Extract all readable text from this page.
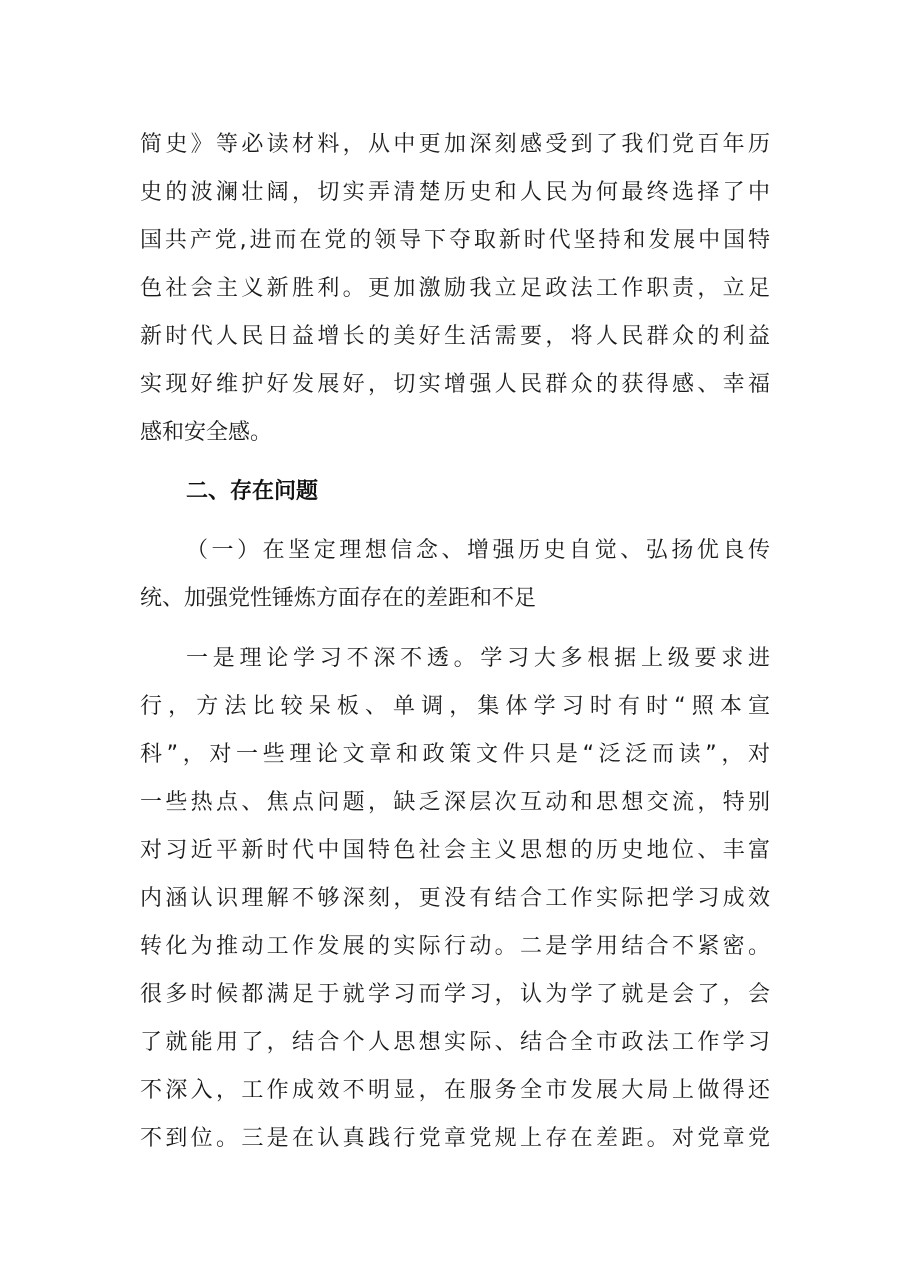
简史》等必读材料，从中更加深刻感受到了我们党百年历
史的波澜壮阔，切实弄清楚历史和人民为何最终选择了中
国共产党,进而在党的领导下夺取新时代坚持和发展中国特
色社会主义新胜利。更加激励我立足政法工作职责，立足
新时代人民日益增长的美好生活需要，将人民群众的利益
实现好维护好发展好，切实增强人民群众的获得感、幸福
感和安全感。
二、存在问题
（一）在坚定理想信念、增强历史自觉、弘扬优良传
统、加强党性锤炼方面存在的差距和不足
一是理论学习不深不透。学习大多根据上级要求进
行，方法比较呆板、单调，集体学习时有时“照本宣
科”，对一些理论文章和政策文件只是“泛泛而读”，对
一些热点、焦点问题，缺乏深层次互动和思想交流，特别
对习近平新时代中国特色社会主义思想的历史地位、丰富
内涵认识理解不够深刻，更没有结合工作实际把学习成效
转化为推动工作发展的实际行动。二是学用结合不紧密。
很多时候都满足于就学习而学习，认为学了就是会了，会
了就能用了，结合个人思想实际、结合全市政法工作学习
不深入，工作成效不明显，在服务全市发展大局上做得还
不到位。三是在认真践行党章党规上存在差距。对党章党
